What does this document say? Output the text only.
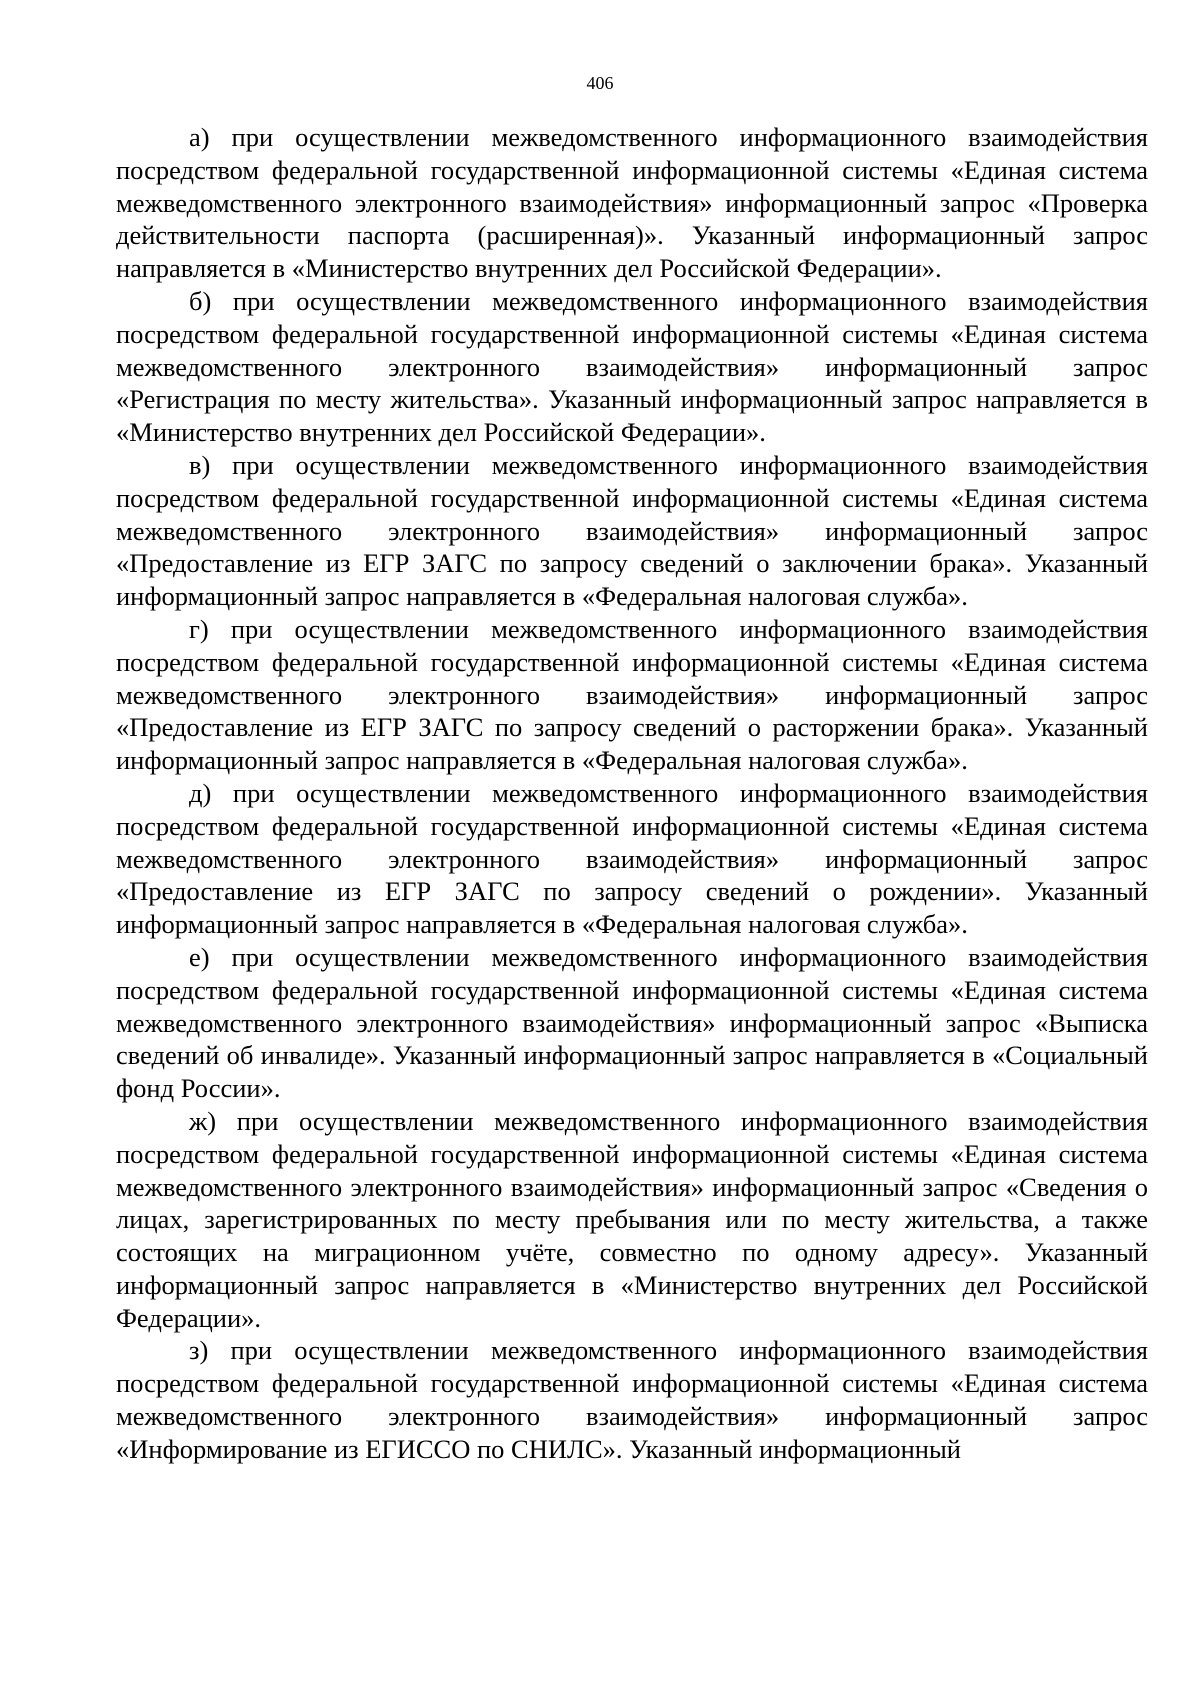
406

а) при осуществлении межведомственного информационного взаимодействия посредством федеральной государственной информационной системы «Единая система межведомственного электронного взаимодействия» информационный запрос «Проверка действительности паспорта (расширенная)». Указанный информационный запрос направляется в «Министерство внутренних дел Российской Федерации».

б) при осуществлении межведомственного информационного взаимодействия посредством федеральной государственной информационной системы «Единая система межведомственного электронного взаимодействия» информационный запрос «Регистрация по месту жительства». Указанный информационный запрос направляется в «Министерство внутренних дел Российской Федерации».

в) при осуществлении межведомственного информационного взаимодействия посредством федеральной государственной информационной системы «Единая система межведомственного электронного взаимодействия» информационный запрос «Предоставление из ЕГР ЗАГС по запросу сведений о заключении брака». Указанный информационный запрос направляется в «Федеральная налоговая служба».

г) при осуществлении межведомственного информационного взаимодействия посредством федеральной государственной информационной системы «Единая система межведомственного электронного взаимодействия» информационный запрос «Предоставление из ЕГР ЗАГС по запросу сведений о расторжении брака». Указанный информационный запрос направляется в «Федеральная налоговая служба».

д) при осуществлении межведомственного информационного взаимодействия посредством федеральной государственной информационной системы «Единая система межведомственного электронного взаимодействия» информационный запрос «Предоставление из ЕГР ЗАГС по запросу сведений о рождении». Указанный информационный запрос направляется в «Федеральная налоговая служба».

е) при осуществлении межведомственного информационного взаимодействия посредством федеральной государственной информационной системы «Единая система межведомственного электронного взаимодействия» информационный запрос «Выписка сведений об инвалиде». Указанный информационный запрос направляется в «Социальный фонд России».

ж) при осуществлении межведомственного информационного взаимодействия посредством федеральной государственной информационной системы «Единая система межведомственного электронного взаимодействия» информационный запрос «Сведения о лицах, зарегистрированных по месту пребывания или по месту жительства, а также состоящих на миграционном учёте, совместно по одному адресу». Указанный информационный запрос направляется в «Министерство внутренних дел Российской Федерации».

з) при осуществлении межведомственного информационного взаимодействия посредством федеральной государственной информационной системы «Единая система межведомственного электронного взаимодействия» информационный запрос «Информирование из ЕГИССО по СНИЛС». Указанный информационный
